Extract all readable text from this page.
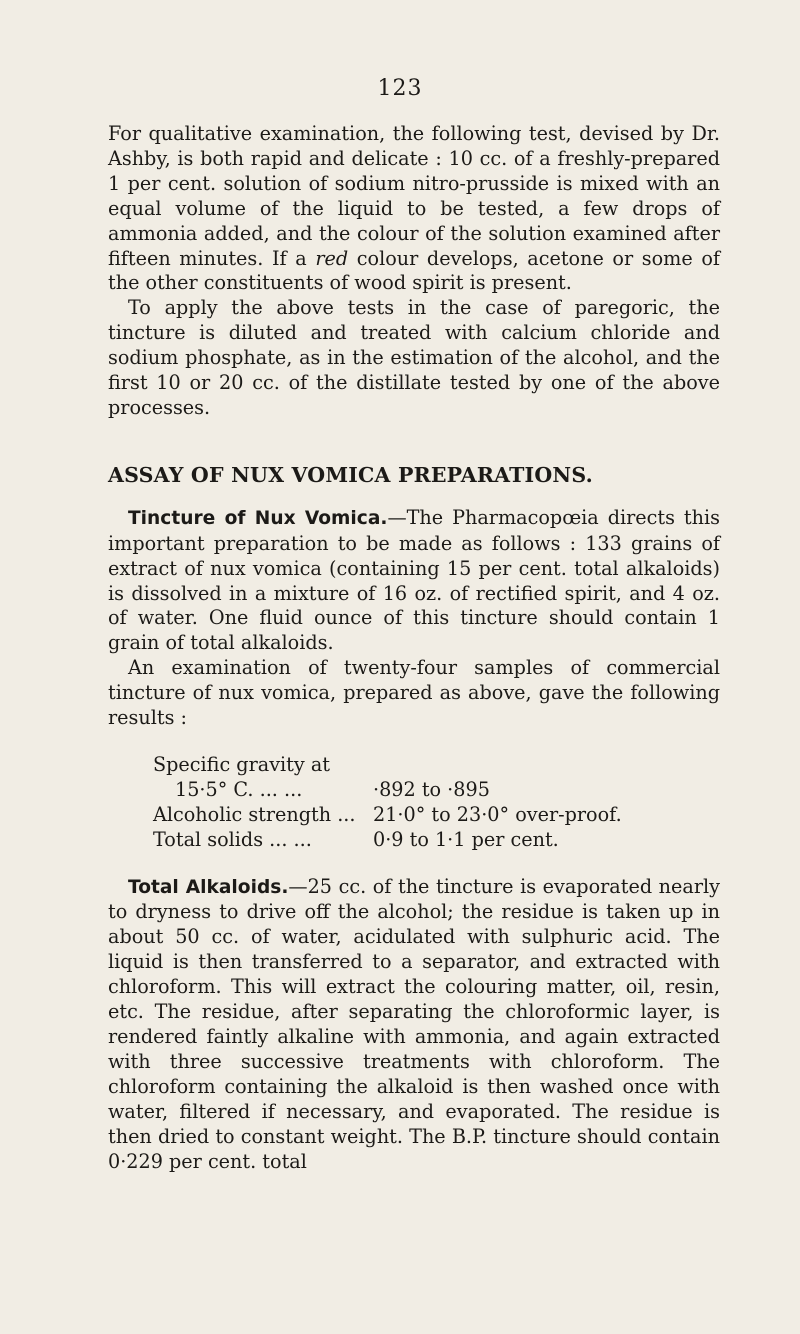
123

For qualitative examination, the following test, devised by Dr. Ashby, is both rapid and delicate : 10 cc. of a freshly-prepared 1 per cent. solution of sodium nitro-prusside is mixed with an equal volume of the liquid to be tested, a few drops of ammonia added, and the colour of the solution examined after fifteen minutes. If a red colour develops, acetone or some of the other constituents of wood spirit is present.

To apply the above tests in the case of paregoric, the tincture is diluted and treated with calcium chloride and sodium phosphate, as in the estimation of the alcohol, and the first 10 or 20 cc. of the distillate tested by one of the above processes.

ASSAY OF NUX VOMICA PREPARATIONS.

Tincture of Nux Vomica.—The Pharmacopœia directs this important preparation to be made as follows : 133 grains of extract of nux vomica (containing 15 per cent. total alkaloids) is dissolved in a mixture of 16 oz. of rectified spirit, and 4 oz. of water. One fluid ounce of this tincture should contain 1 grain of total alkaloids.

An examination of twenty-four samples of commercial tincture of nux vomica, prepared as above, gave the following results :

Specific gravity at
15·5° C. ... ...	·892 to ·895
Alcoholic strength ... 21·0° to 23·0° over-proof.
Total solids ... ...	0·9 to 1·1 per cent.

Total Alkaloids.—25 cc. of the tincture is evaporated nearly to dryness to drive off the alcohol; the residue is taken up in about 50 cc. of water, acidulated with sulphuric acid. The liquid is then transferred to a separator, and extracted with chloroform. This will extract the colouring matter, oil, resin, etc. The residue, after separating the chloroformic layer, is rendered faintly alkaline with ammonia, and again extracted with three successive treatments with chloroform. The chloroform containing the alkaloid is then washed once with water, filtered if necessary, and evaporated. The residue is then dried to constant weight. The B.P. tincture should contain 0·229 per cent. total
